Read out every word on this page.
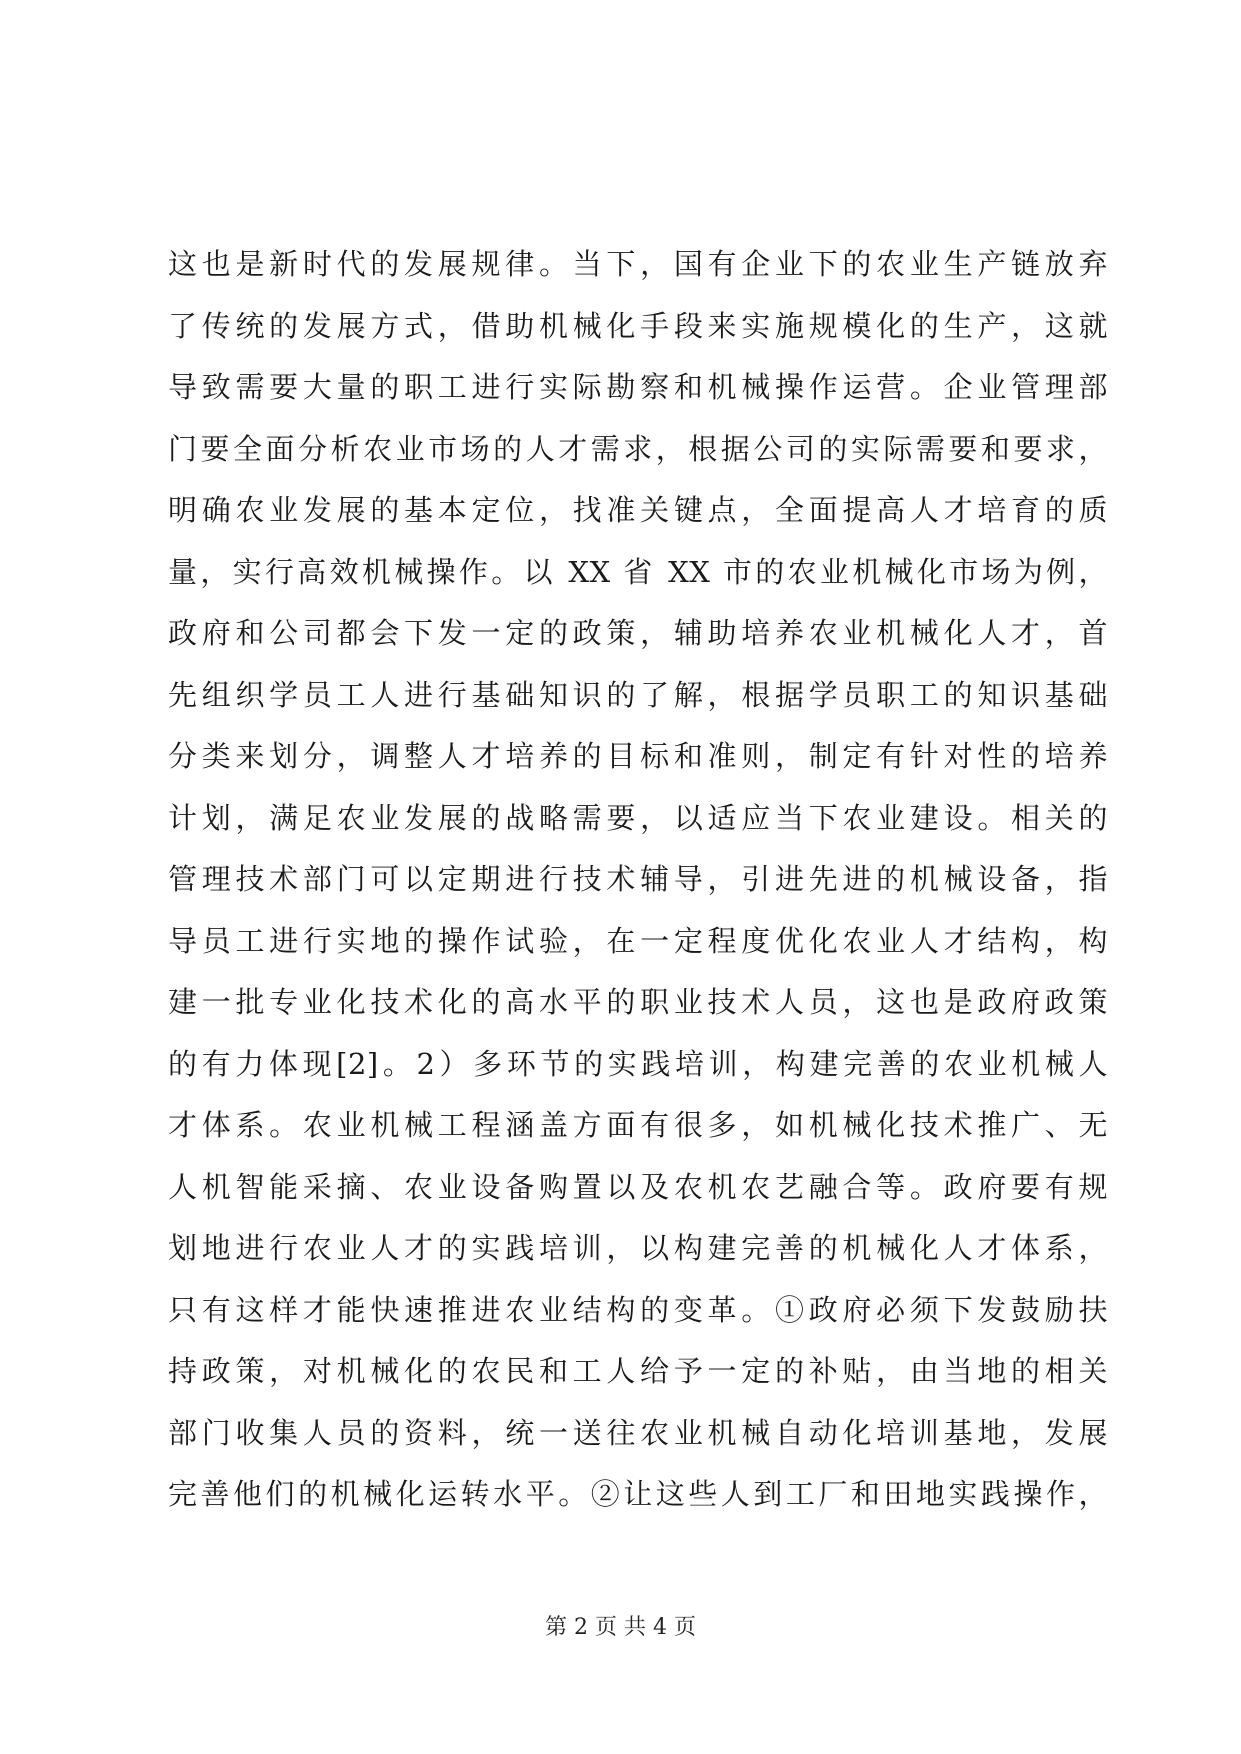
这也是新时代的发展规律。当下，国有企业下的农业生产链放弃
了传统的发展方式，借助机械化手段来实施规模化的生产，这就
导致需要大量的职工进行实际勘察和机械操作运营。企业管理部
门要全面分析农业市场的人才需求，根据公司的实际需要和要求，
明确农业发展的基本定位，找准关键点，全面提高人才培育的质
量，实行高效机械操作。以 XX 省 XX 市的农业机械化市场为例，
政府和公司都会下发一定的政策，辅助培养农业机械化人才，首
先组织学员工人进行基础知识的了解，根据学员职工的知识基础
分类来划分，调整人才培养的目标和准则，制定有针对性的培养
计划，满足农业发展的战略需要，以适应当下农业建设。相关的
管理技术部门可以定期进行技术辅导，引进先进的机械设备，指
导员工进行实地的操作试验，在一定程度优化农业人才结构，构
建一批专业化技术化的高水平的职业技术人员，这也是政府政策
的有力体现[2]。2）多环节的实践培训，构建完善的农业机械人
才体系。农业机械工程涵盖方面有很多，如机械化技术推广、无
人机智能采摘、农业设备购置以及农机农艺融合等。政府要有规
划地进行农业人才的实践培训，以构建完善的机械化人才体系，
只有这样才能快速推进农业结构的变革。①政府必须下发鼓励扶
持政策，对机械化的农民和工人给予一定的补贴，由当地的相关
部门收集人员的资料，统一送往农业机械自动化培训基地，发展
完善他们的机械化运转水平。②让这些人到工厂和田地实践操作，
第 2 页 共 4 页
